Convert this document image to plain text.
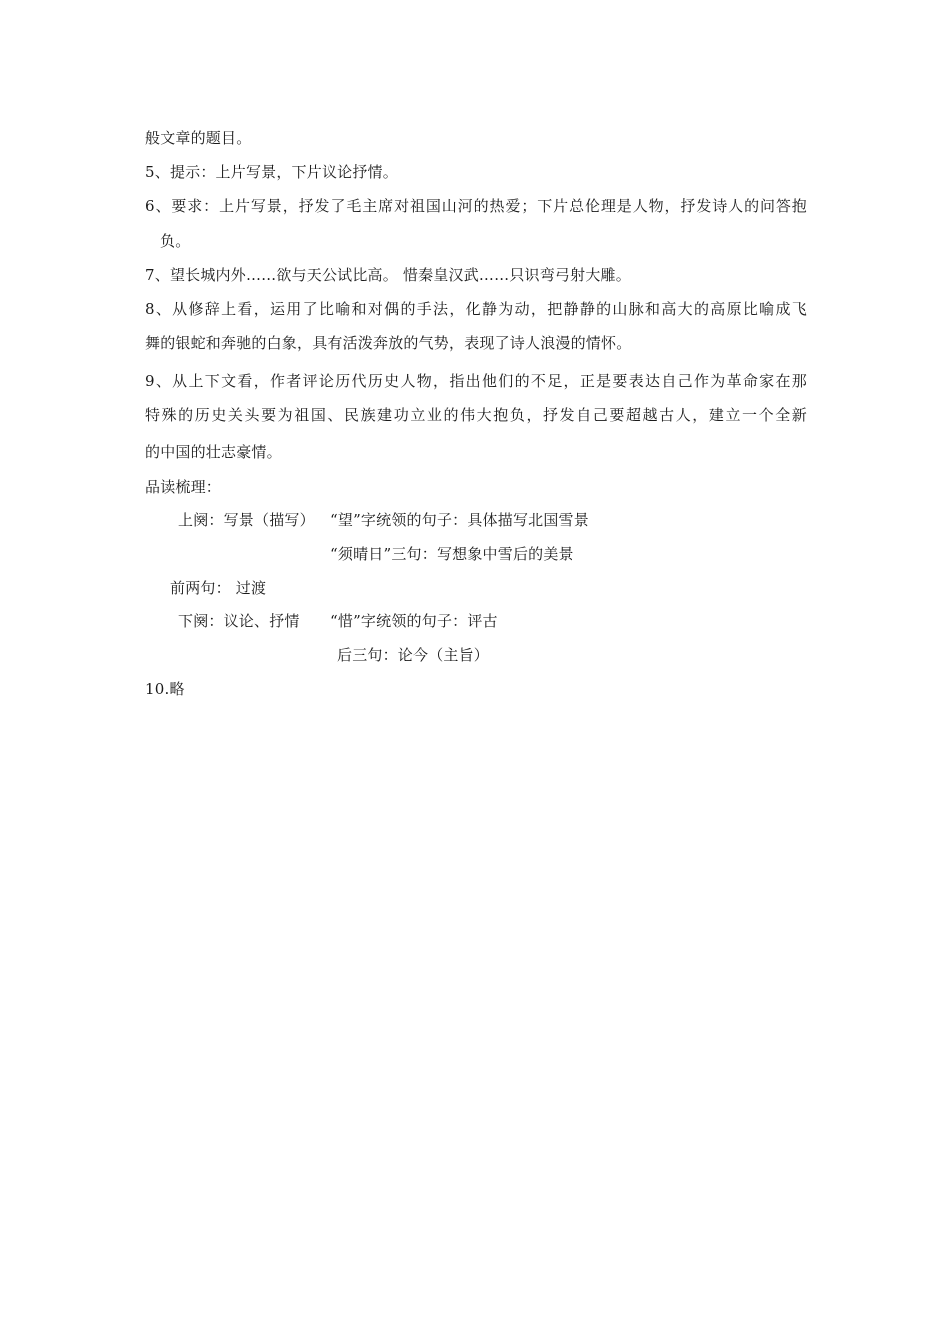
般文章的题目。
5、提示：上片写景，下片议论抒情。
6、要求：上片写景，抒发了毛主席对祖国山河的热爱；下片总伦理是人物，抒发诗人的问答抱
负。
7、望长城内外……欲与天公试比高。 惜秦皇汉武……只识弯弓射大雕。
8、从修辞上看，运用了比喻和对偶的手法，化静为动，把静静的山脉和高大的高原比喻成飞
舞的银蛇和奔驰的白象，具有活泼奔放的气势，表现了诗人浪漫的情怀。
9、从上下文看，作者评论历代历史人物，指出他们的不足，正是要表达自己作为革命家在那
特殊的历史关头要为祖国、民族建功立业的伟大抱负，抒发自己要超越古人，建立一个全新
的中国的壮志豪情。
品读梳理：
上阕：写景（描写） “望”字统领的句子：具体描写北国雪景
“须晴日”三句：写想象中雪后的美景
前两句： 过渡
下阕：议论、抒情 “惜”字统领的句子：评古
后三句：论今（主旨）
10.略
